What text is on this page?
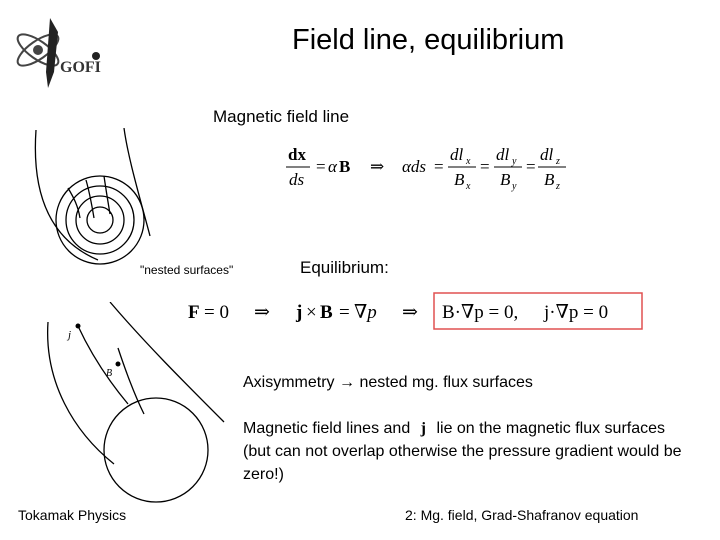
GOFI
Field line, equilibrium
Magnetic field line
"nested surfaces"
dx
ds
= α B ⇒ αds =
dl x
B x
=
dl y
B y
=
dl z
B z
Equilibrium:
F = 0 ⇒ j × B = ∇p ⇒ B·∇p = 0, j·∇p = 0
j
B
Axisymmetry → nested mg. flux surfaces
Magnetic field lines and j lie on the magnetic flux surfaces (but can not overlap otherwise the pressure gradient would be zero!)
Tokamak Physics	2: Mg. field, Grad-Shafranov equation
